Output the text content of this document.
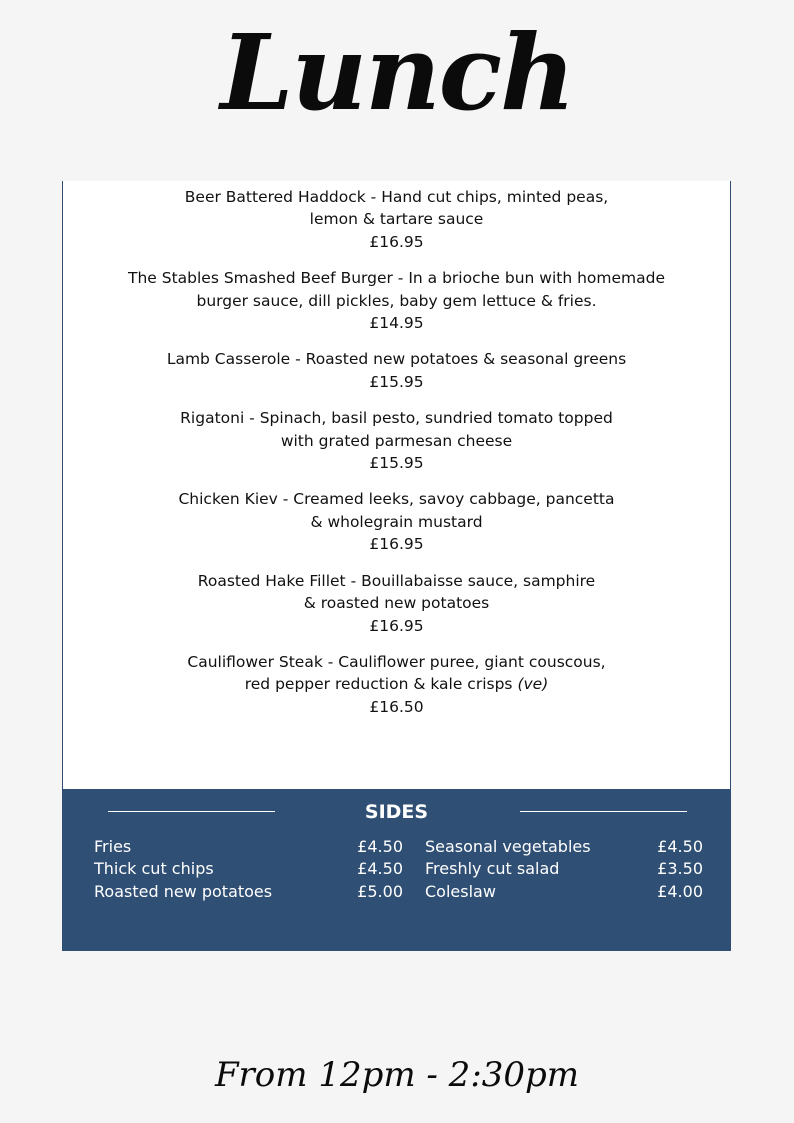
Lunch
Beer Battered Haddock - Hand cut chips, minted peas,
lemon & tartare sauce
£16.95
The Stables Smashed Beef Burger - In a brioche bun with homemade
burger sauce, dill pickles, baby gem lettuce & fries.
£14.95
Lamb Casserole - Roasted new potatoes & seasonal greens
£15.95
Rigatoni - Spinach, basil pesto, sundried tomato topped
with grated parmesan cheese
£15.95
Chicken Kiev - Creamed leeks, savoy cabbage, pancetta
& wholegrain mustard
£16.95
Roasted Hake Fillet - Bouillabaisse sauce, samphire
& roasted new potatoes
£16.95
Cauliflower Steak - Cauliflower puree, giant couscous,
red pepper reduction & kale crisps (ve)
£16.50
SIDES
Fries	£4.50
Thick cut chips	£4.50
Roasted new potatoes	£5.00
Seasonal vegetables	£4.50
Freshly cut salad	£3.50
Coleslaw	£4.00
From 12pm - 2:30pm
